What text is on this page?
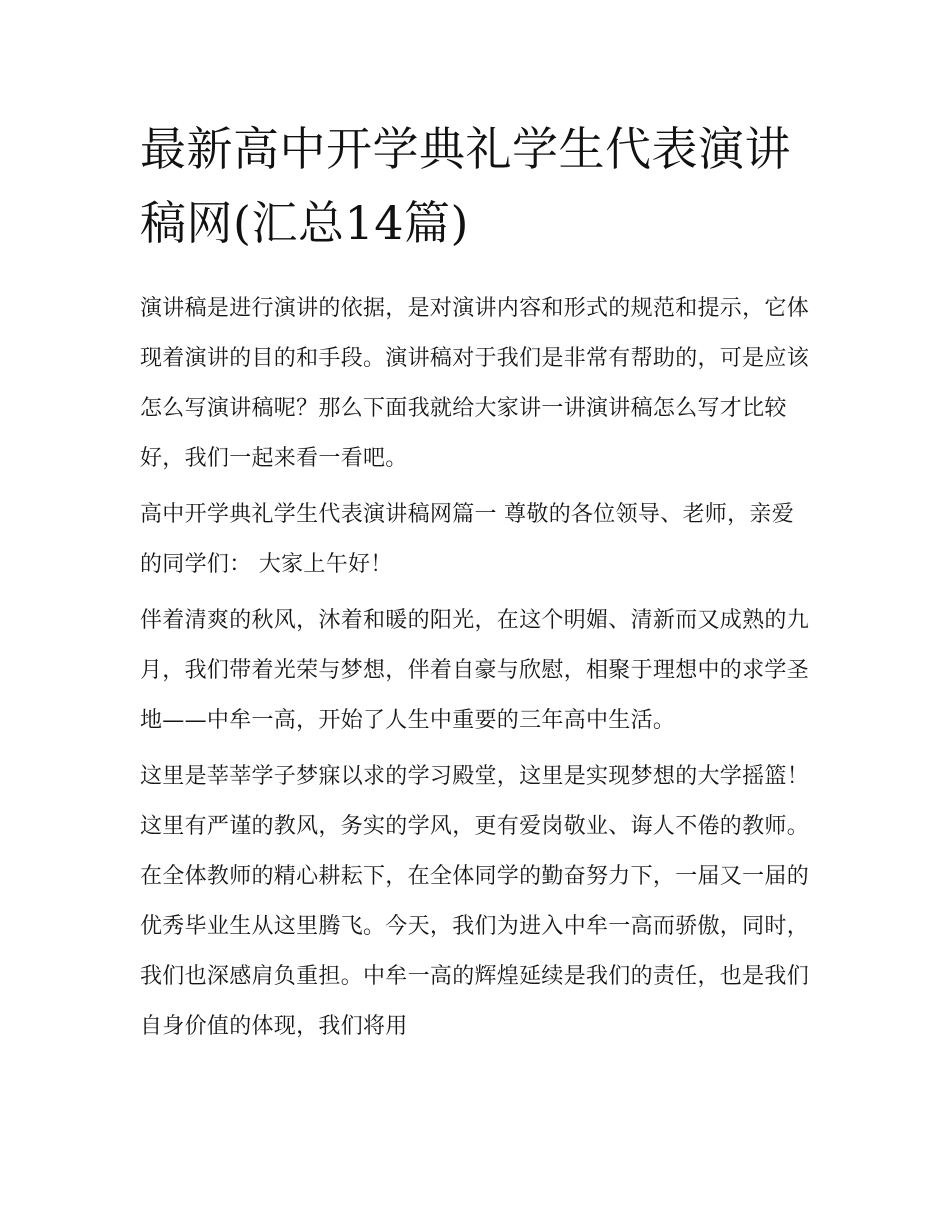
最新高中开学典礼学生代表演讲稿网(汇总14篇)

演讲稿是进行演讲的依据，是对演讲内容和形式的规范和提示，它体现着演讲的目的和手段。演讲稿对于我们是非常有帮助的，可是应该怎么写演讲稿呢？那么下面我就给大家讲一讲演讲稿怎么写才比较好，我们一起来看一看吧。

高中开学典礼学生代表演讲稿网篇一 尊敬的各位领导、老师，亲爱的同学们： 大家上午好！

伴着清爽的秋风，沐着和暖的阳光，在这个明媚、清新而又成熟的九月，我们带着光荣与梦想，伴着自豪与欣慰，相聚于理想中的求学圣地——中牟一高，开始了人生中重要的三年高中生活。

这里是莘莘学子梦寐以求的学习殿堂，这里是实现梦想的大学摇篮！这里有严谨的教风，务实的学风，更有爱岗敬业、诲人不倦的教师。在全体教师的精心耕耘下，在全体同学的勤奋努力下，一届又一届的优秀毕业生从这里腾飞。今天，我们为进入中牟一高而骄傲，同时，我们也深感肩负重担。中牟一高的辉煌延续是我们的责任，也是我们自身价值的体现，我们将用
